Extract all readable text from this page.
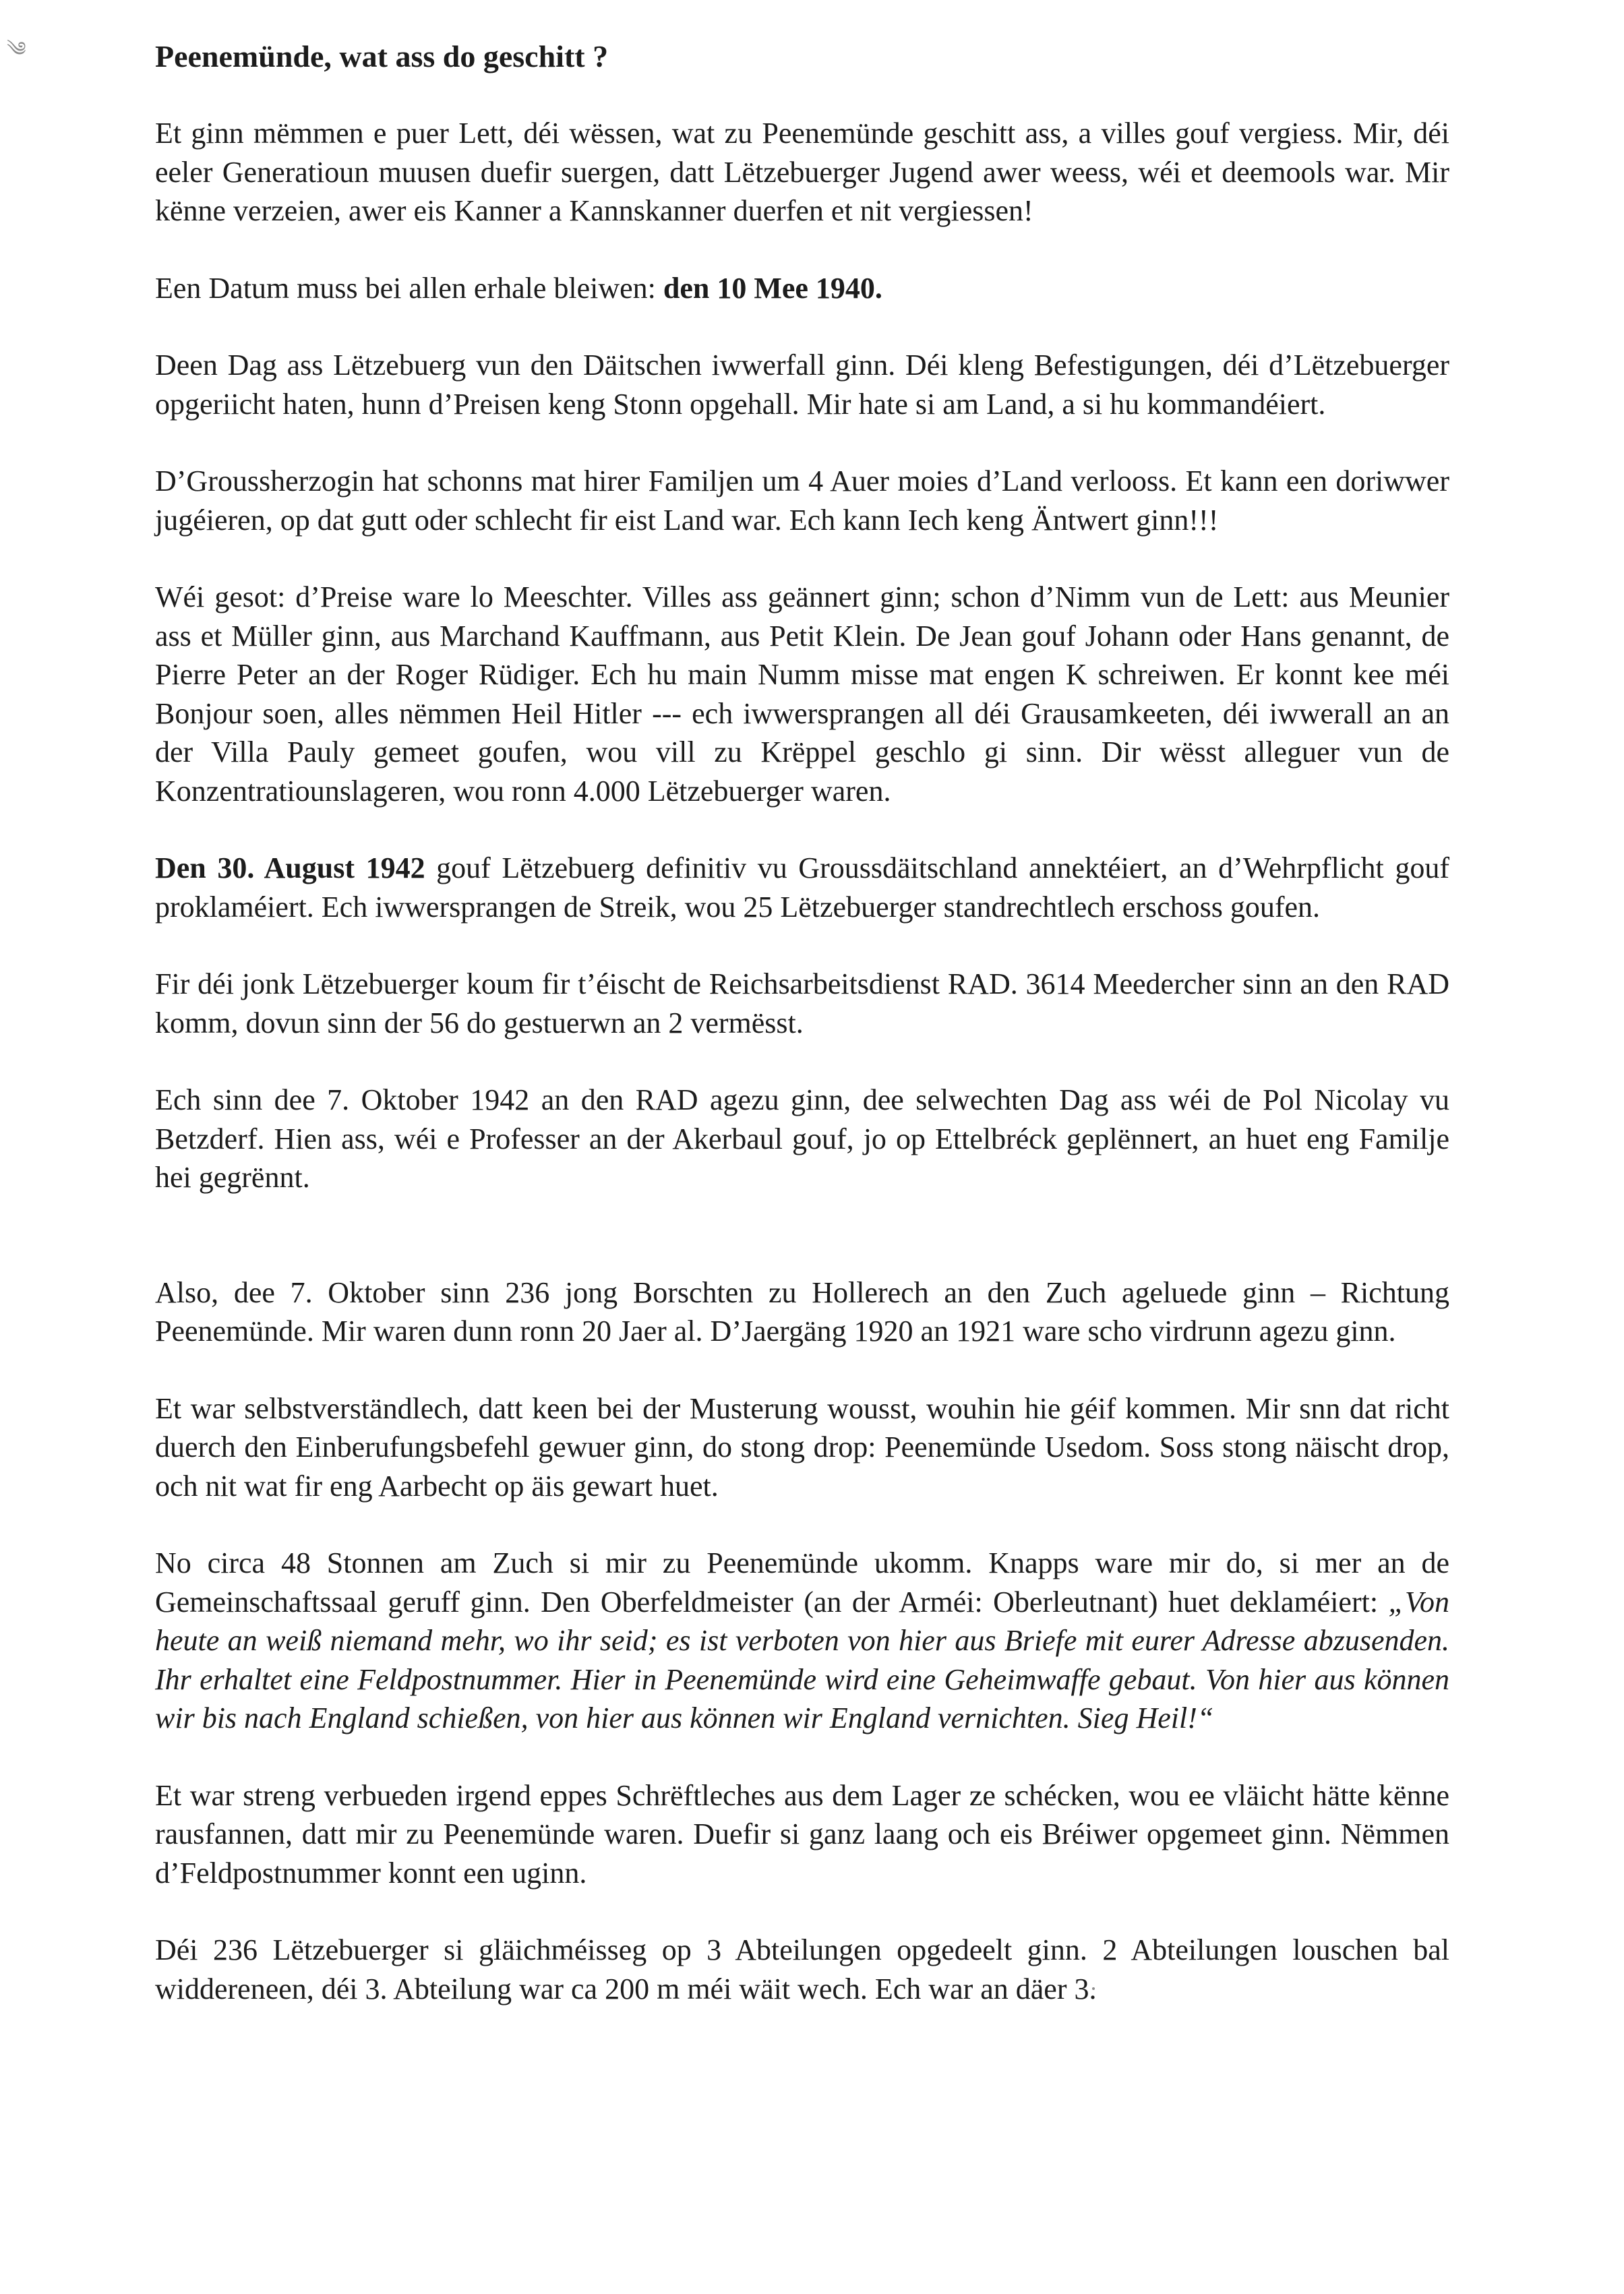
༄	Peenemünde, wat ass do geschitt ?

Et ginn mëmmen e puer Lett, déi wëssen, wat zu Peenemünde geschitt ass, a villes gouf vergiess. Mir, déi eeler Generatioun muusen duefir suergen, datt Lëtzebuerger Jugend awer weess, wéi et deemools war. Mir kënne verzeien, awer eis Kanner a Kannskanner duerfen et nit vergiessen!

Een Datum muss bei allen erhale bleiwen: den 10 Mee 1940.

Deen Dag ass Lëtzebuerg vun den Däitschen iwwerfall ginn. Déi kleng Befestigungen, déi d’Lëtzebuerger opgeriicht haten, hunn d’Preisen keng Stonn opgehall. Mir hate si am Land, a si hu kommandéiert.

D’Groussherzogin hat schonns mat hirer Familjen um 4 Auer moies d’Land verlooss. Et kann een doriwwer jugéieren, op dat gutt oder schlecht fir eist Land war. Ech kann Iech keng Äntwert ginn!!!

Wéi gesot: d’Preise ware lo Meeschter. Villes ass geännert ginn; schon d’Nimm vun de Lett: aus Meunier ass et Müller ginn, aus Marchand Kauffmann, aus Petit Klein. De Jean gouf Johann oder Hans genannt, de Pierre Peter an der Roger Rüdiger. Ech hu main Numm misse mat engen K schreiwen. Er konnt kee méi Bonjour soen, alles nëmmen Heil Hitler --- ech iwwersprangen all déi Grausamkeeten, déi iwwerall an an der Villa Pauly gemeet goufen, wou vill zu Krëppel geschlo gi sinn. Dir wësst alleguer vun de Konzentratiounslageren, wou ronn 4.000 Lëtzebuerger waren.

Den 30. August 1942 gouf Lëtzebuerg definitiv vu Groussdäitschland annektéiert, an d’Wehrpflicht gouf proklaméiert. Ech iwwersprangen de Streik, wou 25 Lëtzebuerger standrechtlech erschoss goufen.

Fir déi jonk Lëtzebuerger koum fir t’éischt de Reichsarbeitsdienst RAD. 3614 Meedercher sinn an den RAD komm, dovun sinn der 56 do gestuerwn an 2 vermësst.

Ech sinn dee 7. Oktober 1942 an den RAD agezu ginn, dee selwechten Dag ass wéi de Pol Nicolay vu Betzderf. Hien ass, wéi e Professer an der Akerbaul gouf, jo op Ettelbréck geplënnert, an huet eng Familje hei gegrënnt.

Also, dee 7. Oktober sinn 236 jong Borschten zu Hollerech an den Zuch ageluede ginn – Richtung Peenemünde. Mir waren dunn ronn 20 Jaer al. D’Jaergäng 1920 an 1921 ware scho virdrunn agezu ginn.

Et war selbstverständlech, datt keen bei der Musterung wousst, wouhin hie géif kommen. Mir snn dat richt duerch den Einberufungsbefehl gewuer ginn, do stong drop: Peenemünde Usedom. Soss stong näischt drop, och nit wat fir eng Aarbecht op äis gewart huet.

No circa 48 Stonnen am Zuch si mir zu Peenemünde ukomm. Knapps ware mir do, si mer an de Gemeinschaftssaal geruff ginn. Den Oberfeldmeister (an der Arméi: Oberleutnant) huet deklaméiert: „Von heute an weiß niemand mehr, wo ihr seid; es ist verboten von hier aus Briefe mit eurer Adresse abzusenden. Ihr erhaltet eine Feldpostnummer. Hier in Peenemünde wird eine Geheimwaffe gebaut. Von hier aus können wir bis nach England schießen, von hier aus können wir England vernichten. Sieg Heil!“

Et war streng verbueden irgend eppes Schrëftleches aus dem Lager ze schécken, wou ee vläicht hätte kënne rausfannen, datt mir zu Peenemünde waren. Duefir si ganz laang och eis Bréiwer opgemeet ginn. Nëmmen d’Feldpostnummer konnt een uginn.

Déi 236 Lëtzebuerger si gläichméisseg op 3 Abteilungen opgedeelt ginn. 2 Abteilungen louschen bal widdereneen, déi 3. Abteilung war ca 200 m méi wäit wech. Ech war an däer 3.
